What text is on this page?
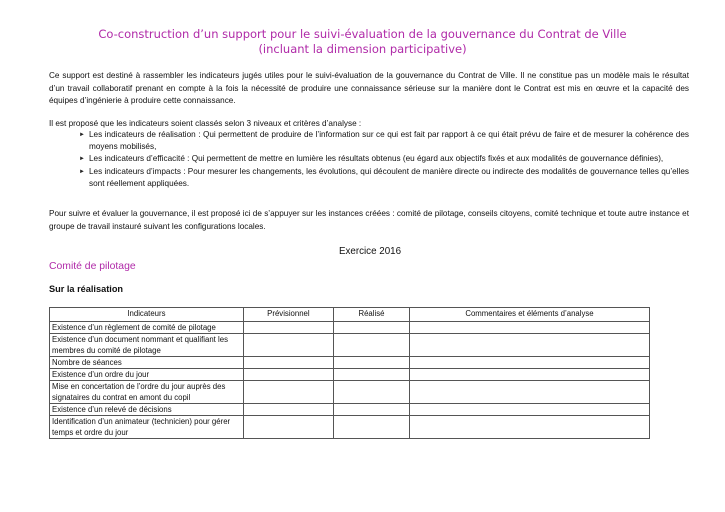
Co-construction d’un support pour le suivi-évaluation de la gouvernance du Contrat de Ville
(incluant la dimension participative)
Ce support est destiné à rassembler les indicateurs jugés utiles pour le suivi-évaluation de la gouvernance du Contrat de Ville. Il ne constitue pas un modèle mais le résultat d’un travail collaboratif prenant en compte à la fois la nécessité de produire une connaissance sérieuse sur la manière dont le Contrat est mis en œuvre et la capacité des équipes d’ingénierie à produire cette connaissance.
Il est proposé que les indicateurs soient classés selon 3 niveaux et critères d’analyse :
► Les indicateurs de réalisation : Qui permettent de produire de l’information sur ce qui est fait par rapport à ce qui était prévu de faire et de mesurer la cohérence des moyens mobilisés,
► Les indicateurs d’efficacité : Qui permettent de mettre en lumière les résultats obtenus (eu égard aux objectifs fixés et aux modalités de gouvernance définies),
► Les indicateurs d’impacts : Pour mesurer les changements, les évolutions, qui découlent de manière directe ou indirecte des modalités de gouvernance telles qu’elles sont réellement appliquées.
Pour suivre et évaluer la gouvernance, il est proposé ici de s’appuyer sur les instances créées : comité de pilotage, conseils citoyens, comité technique et toute autre instance et groupe de travail instauré suivant les configurations locales.
Exercice 2016
Comité de pilotage
Sur la réalisation
Indicateurs	Prévisionnel	Réalisé	Commentaires et éléments d’analyse
Existence d’un règlement de comité de pilotage			
Existence d’un document nommant et qualifiant les membres du comité de pilotage			
Nombre de séances			
Existence d’un ordre du jour			
Mise en concertation de l’ordre du jour auprès des signataires du contrat en amont du copil			
Existence d’un relevé de décisions			
Identification d’un animateur (technicien) pour gérer temps et ordre du jour			
